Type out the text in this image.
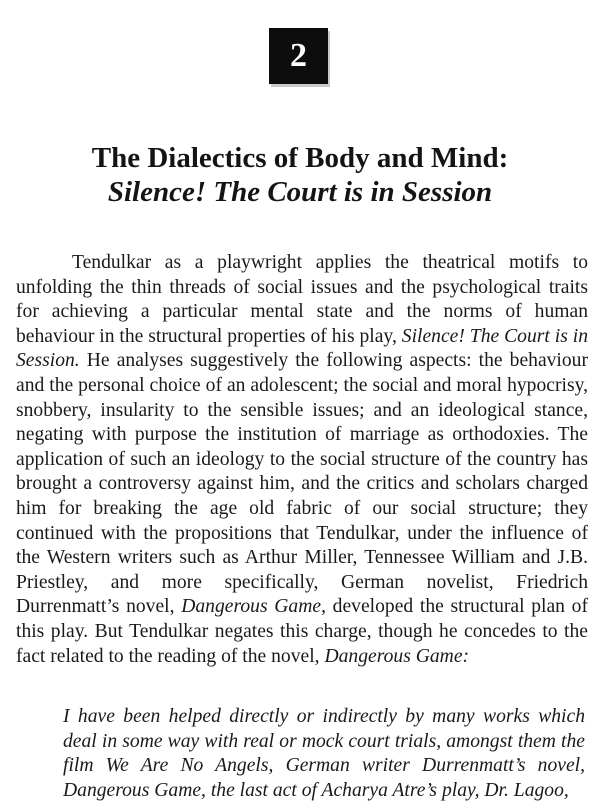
2
The Dialectics of Body and Mind:
Silence! The Court is in Session

Tendulkar as a playwright applies the theatrical motifs to unfolding the thin threads of social issues and the psychological traits for achieving a particular mental state and the norms of human behaviour in the structural properties of his play, Silence! The Court is in Session. He analyses suggestively the following aspects: the behaviour and the personal choice of an adolescent; the social and moral hypocrisy, snobbery, insularity to the sensible issues; and an ideological stance, negating with purpose the institution of marriage as orthodoxies. The application of such an ideology to the social structure of the country has brought a controversy against him, and the critics and scholars charged him for breaking the age old fabric of our social structure; they continued with the propositions that Tendulkar, under the influence of the Western writers such as Arthur Miller, Tennessee William and J.B. Priestley, and more specifically, German novelist, Friedrich Durrenmatt’s novel, Dangerous Game, developed the structural plan of this play. But Tendulkar negates this charge, though he concedes to the fact related to the reading of the novel, Dangerous Game:

I have been helped directly or indirectly by many works which deal in some way with real or mock court trials, amongst them the film We Are No Angels, German writer Durrenmatt’s novel, Dangerous Game, the last act of Acharya Atre’s play, Dr. Lagoo,
